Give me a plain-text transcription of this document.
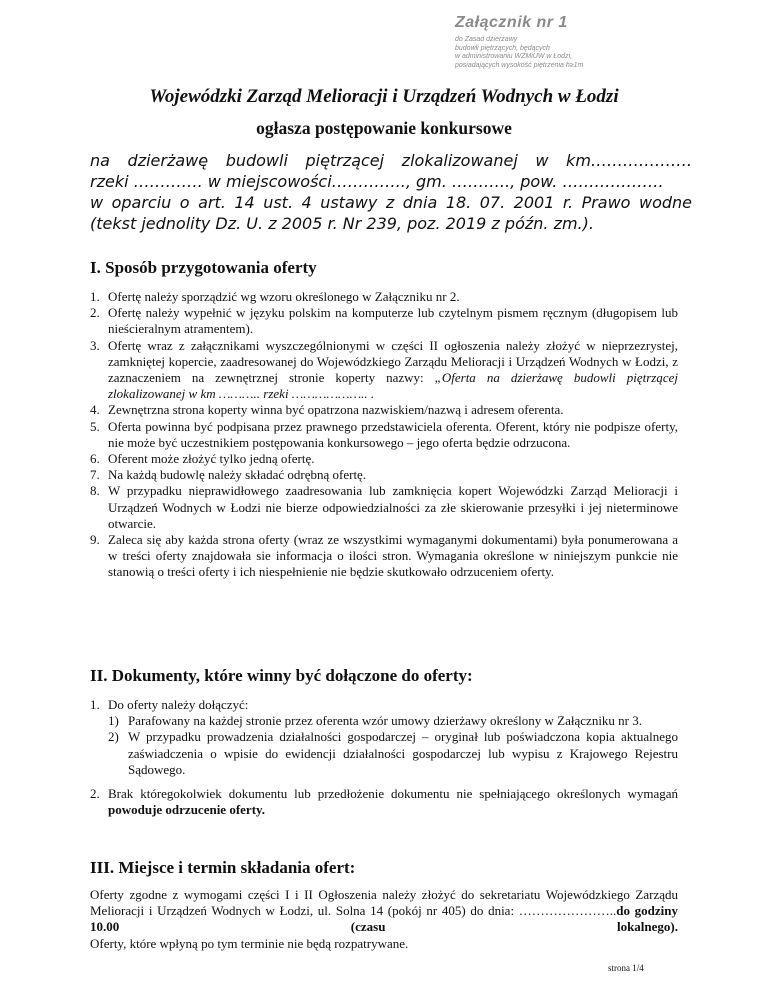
Załącznik nr 1
do Zasad dzierżawy
budowli piętrzących, będących
w administrowaniu WZMiUW w Łodzi,
posiadających wysokość piętrzenia h≥1m
Wojewódzki Zarząd Melioracji i Urządzeń Wodnych w Łodzi
ogłasza postępowanie konkursowe
na dzierżawę budowli piętrzącej zlokalizowanej w km……………….
rzeki …………. w miejscowości………….., gm. ……….., pow. ……………….
w oparciu o art. 14 ust. 4 ustawy z dnia 18. 07. 2001 r. Prawo wodne
(tekst jednolity Dz. U. z 2005 r. Nr 239, poz. 2019 z późn. zm.).
I. Sposób przygotowania oferty
1. Ofertę należy sporządzić wg wzoru określonego w Załączniku nr 2.
2. Ofertę należy wypełnić w języku polskim na komputerze lub czytelnym pismem ręcznym (długopisem lub nieścieralnym atramentem).
3. Ofertę wraz z załącznikami wyszczególnionymi w części II ogłoszenia należy złożyć w nieprzezrystej, zamkniętej kopercie, zaadresowanej do Wojewódzkiego Zarządu Melioracji i Urządzeń Wodnych w Łodzi, z zaznaczeniem na zewnętrznej stronie koperty nazwy: „Oferta na dzierżawę budowli piętrzącej zlokalizowanej w km ……….. rzeki ……………….. .
4. Zewnętrzna strona koperty winna być opatrzona nazwiskiem/nazwą i adresem oferenta.
5. Oferta powinna być podpisana przez prawnego przedstawiciela oferenta. Oferent, który nie podpisze oferty, nie może być uczestnikiem postępowania konkursowego – jego oferta będzie odrzucona.
6. Oferent może złożyć tylko jedną ofertę.
7. Na każdą budowlę należy składać odrębną ofertę.
8. W przypadku nieprawidłowego zaadresowania lub zamknięcia kopert Wojewódzki Zarząd Melioracji i Urządzeń Wodnych w Łodzi nie bierze odpowiedzialności za złe skierowanie przesyłki i jej nieterminowe otwarcie.
9. Zaleca się aby każda strona oferty (wraz ze wszystkimi wymaganymi dokumentami) była ponumerowana a w treści oferty znajdowała sie informacja o ilości stron. Wymagania określone w niniejszym punkcie nie stanowią o treści oferty i ich niespełnienie nie będzie skutkowało odrzuceniem oferty.
II. Dokumenty, które winny być dołączone do oferty:
1. Do oferty należy dołączyć:
1) Parafowany na każdej stronie przez oferenta wzór umowy dzierżawy określony w Załączniku nr 3.
2) W przypadku prowadzenia działalności gospodarczej – oryginał lub poświadczona kopia aktualnego zaświadczenia o wpisie do ewidencji działalności gospodarczej lub wypisu z Krajowego Rejestru Sądowego.
2. Brak któregokolwiek dokumentu lub przedłożenie dokumentu nie spełniającego określonych wymagań powoduje odrzucenie oferty.
III. Miejsce i termin składania ofert:
Oferty zgodne z wymogami części I i II Ogłoszenia należy złożyć do sekretariatu Wojewódzkiego Zarządu Melioracji i Urządzeń Wodnych w Łodzi, ul. Solna 14 (pokój nr 405) do dnia: …………………..do godziny 10.00 (czasu lokalnego).
Oferty, które wpłyną po tym terminie nie będą rozpatrywane.
strona 1/4
